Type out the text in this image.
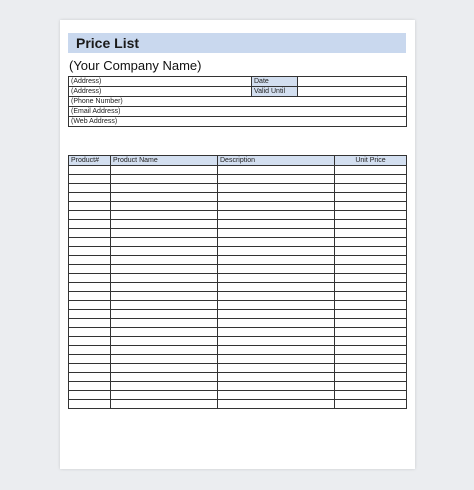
Price List
(Your Company Name)
(Address)	Date	
(Address)	Valid Until	
(Phone Number)		
(Email Address)		
(Web Address)		
Product#	Product Name	Description	Unit Price
